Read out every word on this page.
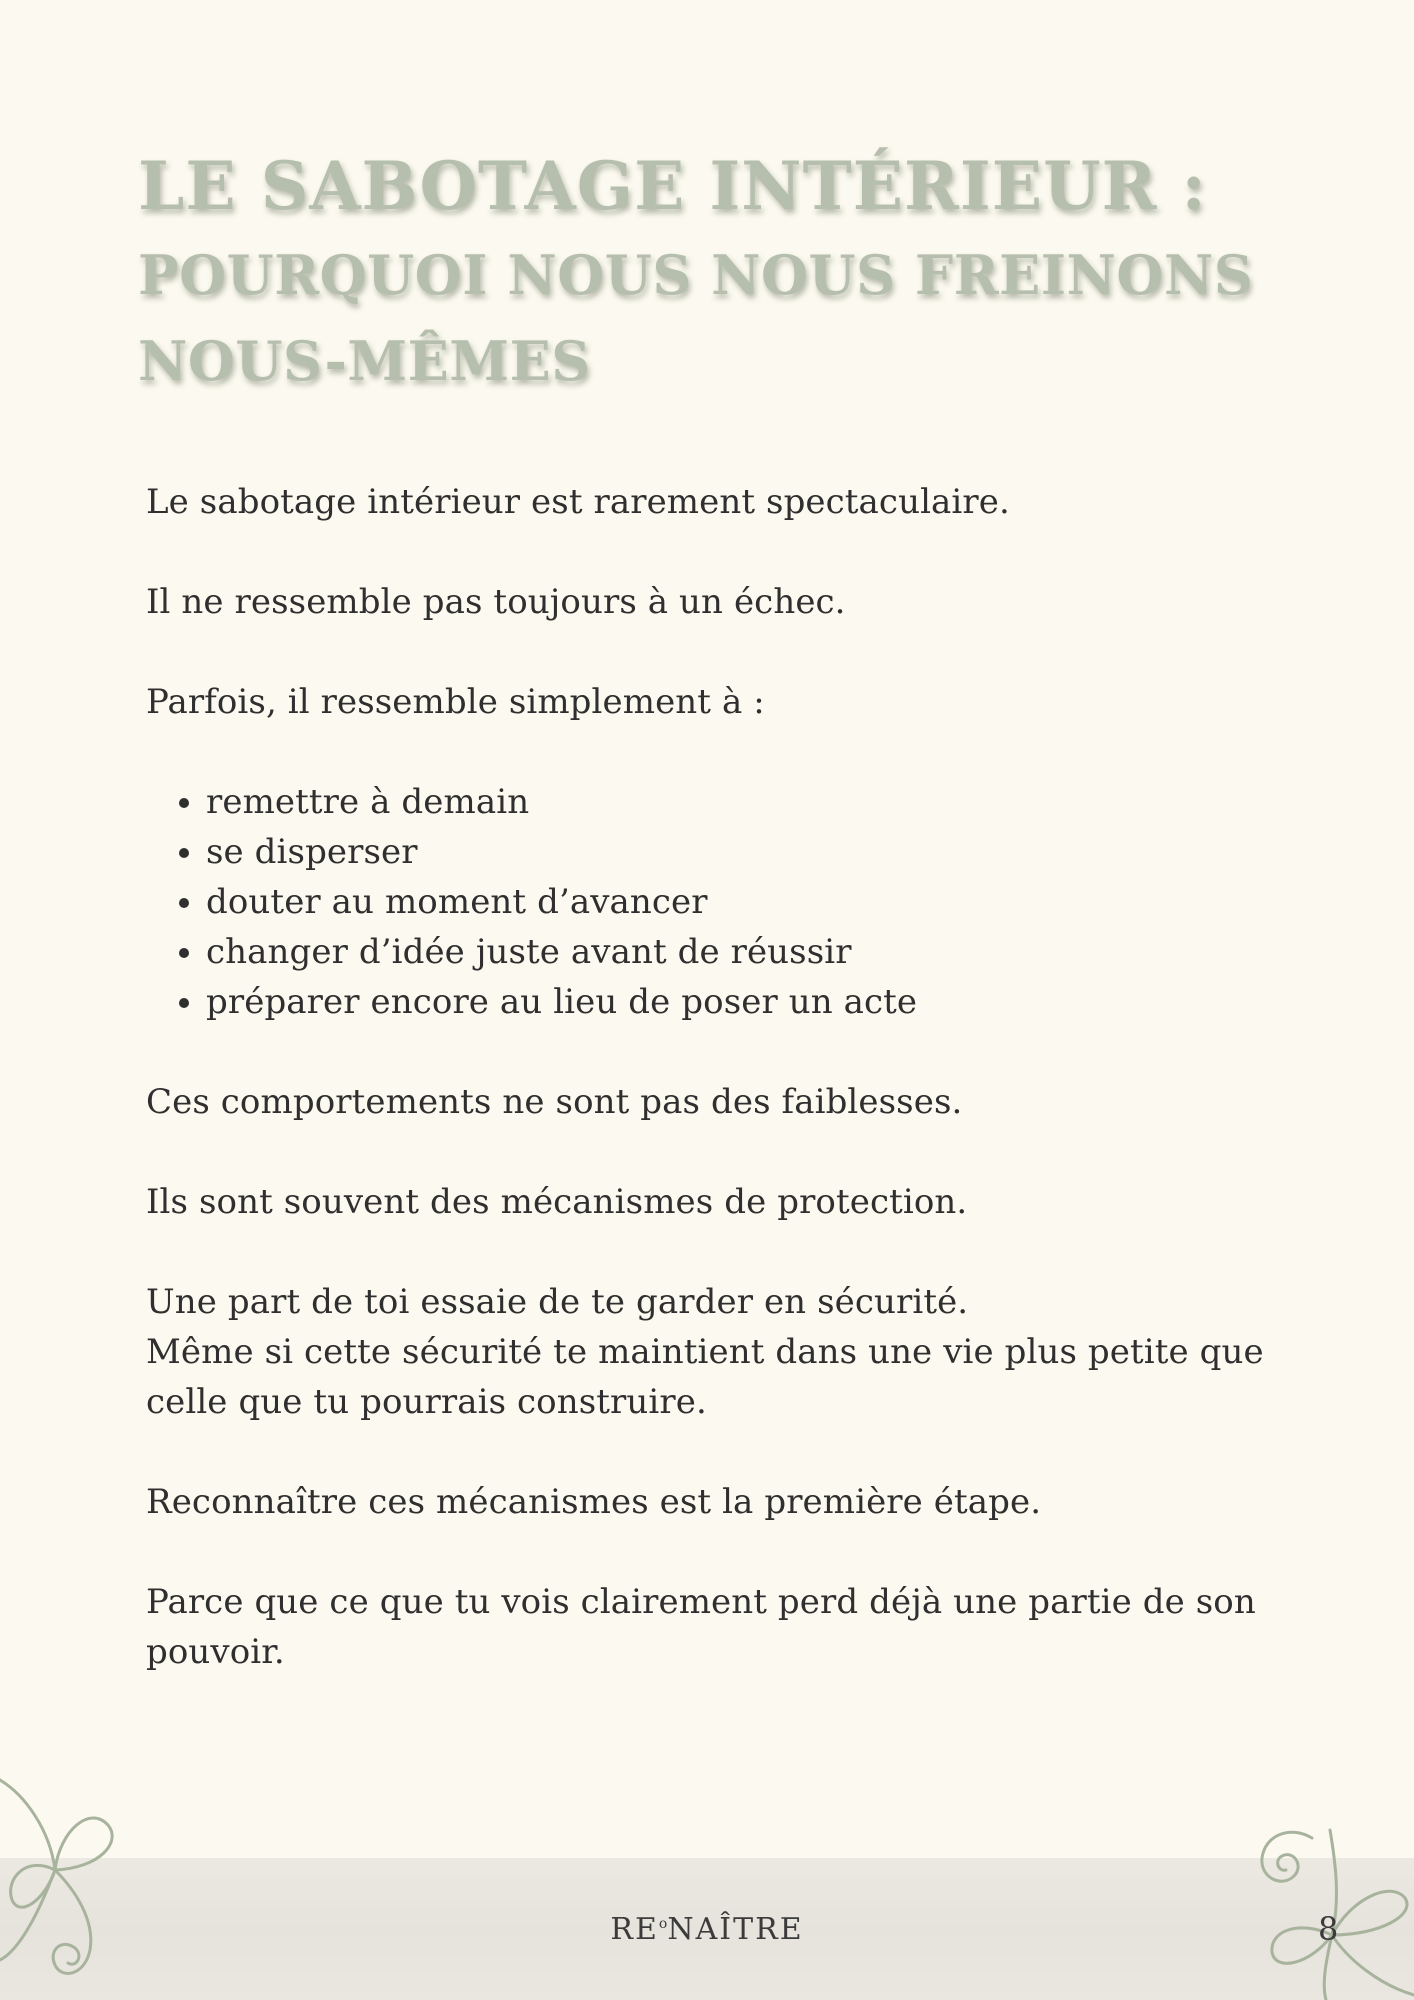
LE SABOTAGE INTÉRIEUR :
POURQUOI NOUS NOUS FREINONS
NOUS-MÊMES

Le sabotage intérieur est rarement spectaculaire.

Il ne ressemble pas toujours à un échec.

Parfois, il ressemble simplement à :

• remettre à demain
• se disperser
• douter au moment d’avancer
• changer d’idée juste avant de réussir
• préparer encore au lieu de poser un acte

Ces comportements ne sont pas des faiblesses.

Ils sont souvent des mécanismes de protection.

Une part de toi essaie de te garder en sécurité.
Même si cette sécurité te maintient dans une vie plus petite que celle que tu pourrais construire.

Reconnaître ces mécanismes est la première étape.

Parce que ce que tu vois clairement perd déjà une partie de son pouvoir.

$RE^oNAÎTRE$	8
